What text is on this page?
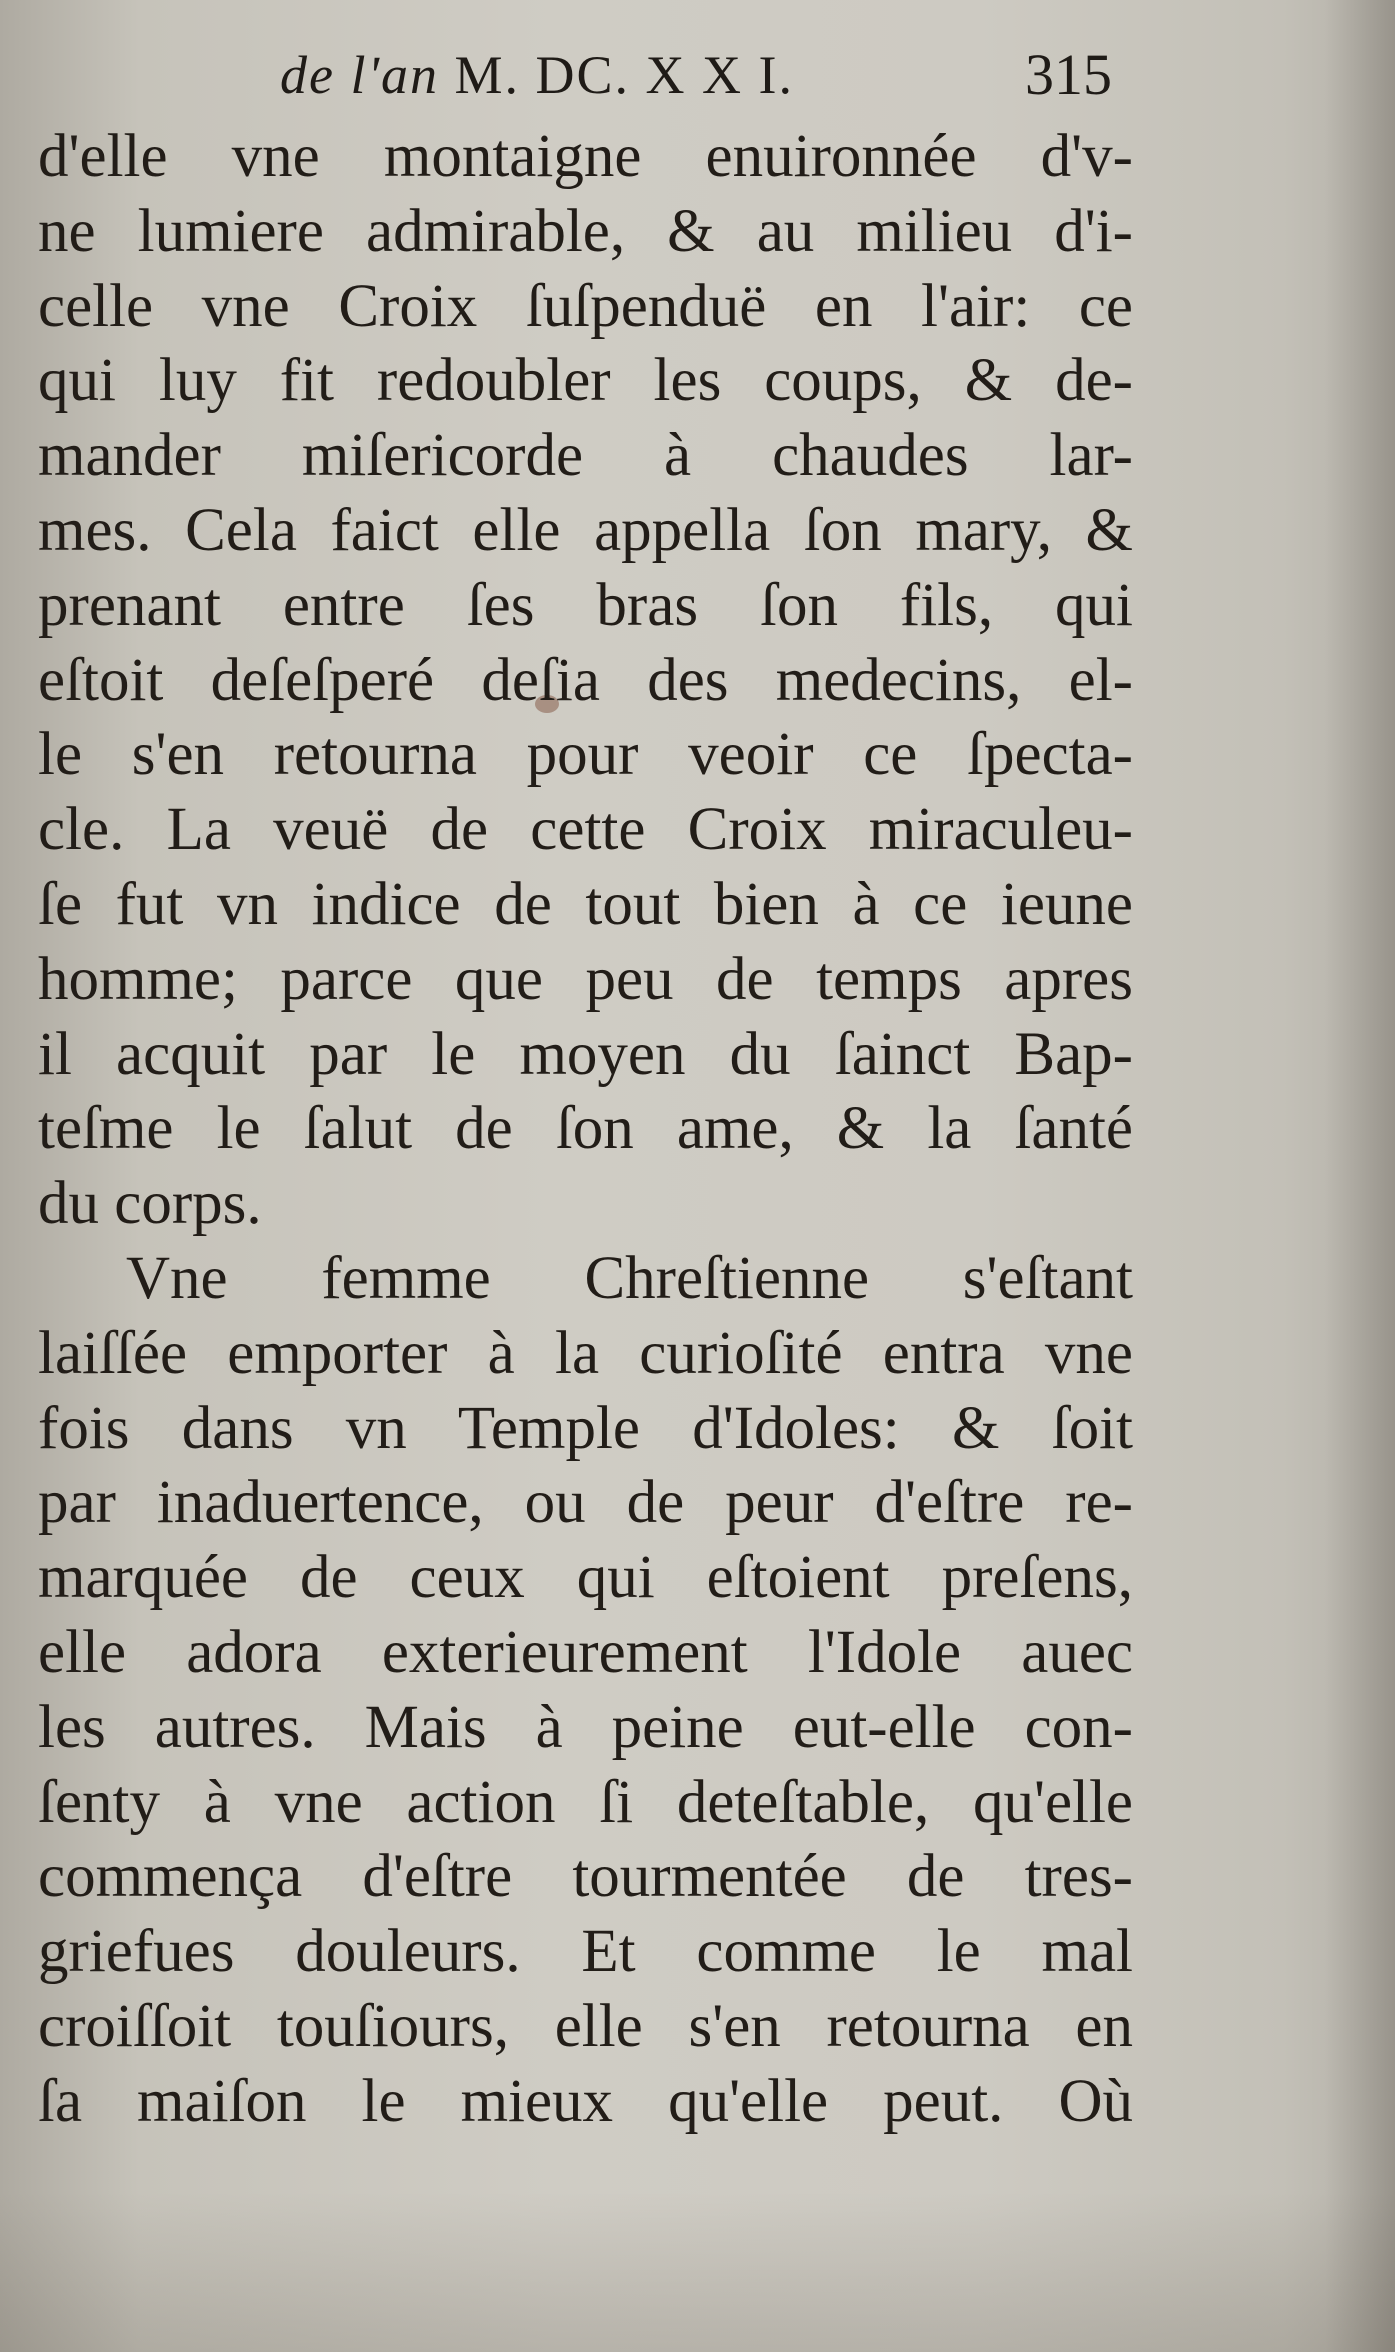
de l'an M. DC. X X I.	315
d'elle vne montaigne enuironnée d'v-
ne lumiere admirable, & au milieu d'i-
celle vne Croix ſuſpenduë en l'air: ce
qui luy fit redoubler les coups, & de-
mander miſericorde à chaudes lar-
mes. Cela faict elle appella ſon mary, &
prenant entre ſes bras ſon fils, qui
eſtoit deſeſperé deſia des medecins, el-
le s'en retourna pour veoir ce ſpecta-
cle. La veuë de cette Croix miraculeu-
ſe fut vn indice de tout bien à ce ieune
homme; parce que peu de temps apres
il acquit par le moyen du ſainct Bap-
teſme le ſalut de ſon ame, & la ſanté
du corps.
Vne femme Chreſtienne s'eſtant
laiſſée emporter à la curioſité entra vne
fois dans vn Temple d'Idoles: & ſoit
par inaduertence, ou de peur d'eſtre re-
marquée de ceux qui eſtoient preſens,
elle adora exterieurement l'Idole auec
les autres. Mais à peine eut-elle con-
ſenty à vne action ſi deteſtable, qu'elle
commença d'eſtre tourmentée de tres-
griefues douleurs. Et comme le mal
croiſſoit touſiours, elle s'en retourna en
ſa maiſon le mieux qu'elle peut. Où
